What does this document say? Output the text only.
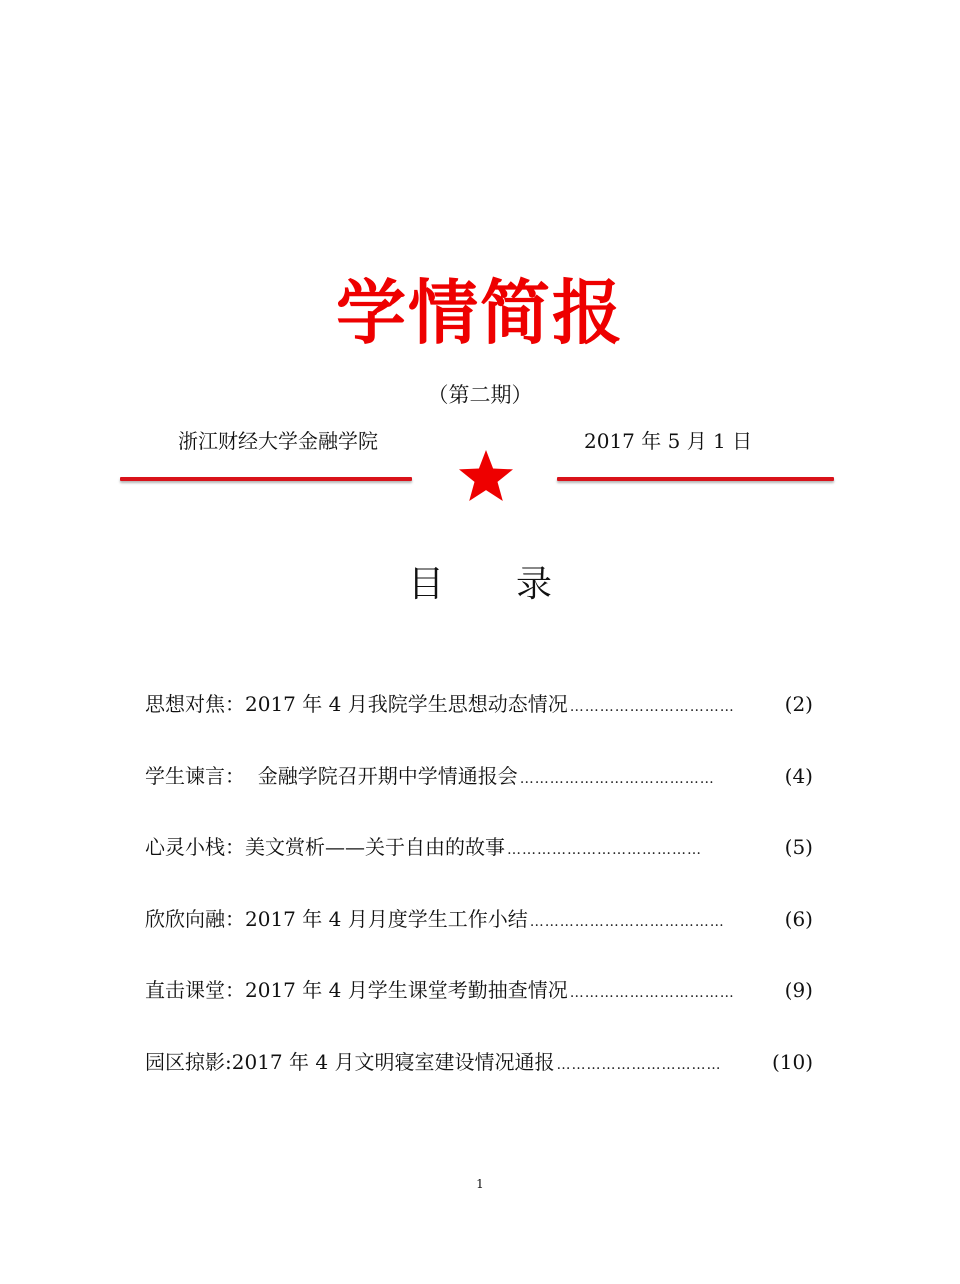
学情简报
（第二期）
浙江财经大学金融学院	2017 年 5 月 1 日
目　　录
思想对焦 ： 2017 年 4 月我院学生思想动态情况 ……………………………	(2)
学生谏言 ： 金融学院召开期中学情通报会 …………………………………	(4)
心灵小栈 ： 美文赏析——关于自由的故事 …………………………………	(5)
欣欣向融 ： 2017 年 4 月月度学生工作小结 …………………………………	(6)
直击课堂 ： 2017 年 4 月学生课堂考勤抽查情况 ……………………………	(9)
园区掠影 : 2017 年 4 月文明寝室建设情况通报 ……………………………	(10)
1
